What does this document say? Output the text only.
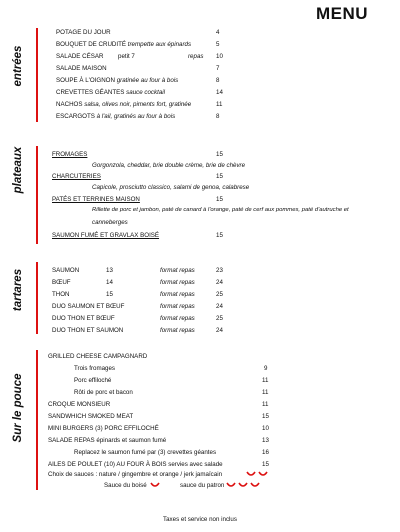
MENU
entrées
POTAGE DU JOUR	4
BOUQUET DE CRUDITÉ trempette aux épinards	5
SALADE CÉSAR petit 7	repas 10
SALADE MAISON	7
SOUPE À L'OIGNON gratinée au four à bois	8
CREVETTES GÉANTES sauce cocktail	14
NACHOS salsa, olives noir, piments fort, gratinée	11
ESCARGOTS à l'ail, gratinés au four à bois	8
plateaux	FROMAGES	15
Gorgonzola, cheddar, brie double crème, brie de chèvre
CHARCUTERIES	15
Capicole, prosciutto classico, salami de genoa, calabrese
PATÉS ET TERRINES MAISON	15
Rillette de porc et jambon, paté de canard à l'orange, paté de cerf aux pommes, paté d'autruche et
canneberges
SAUMON FUMÉ ET GRAVLAX BOISÉ	15
tartares	SAUMON	13	format repas	23
BŒUF	14	format repas	24
THON	15	format repas	25
DUO SAUMON ET BŒUF	format repas	24
DUO THON ET BŒUF	format repas	25
DUO THON ET SAUMON	format repas	24
Sur le pouce
GRILLED CHEESE CAMPAGNARD
Trois fromages	9
Porc effiloché	11
Rôti de porc et bacon	11
CROQUE MONSIEUR	11
SANDWHICH SMOKED MEAT	15
MINI BURGERS (3) PORC EFFILOCHÉ	10
SALADE REPAS épinards et saumon fumé	13
Replacez le saumon fumé par (3) crevettes géantes	16
AILES DE POULET (10) AU FOUR À BOIS servies avec salade	15
Choix de sauces : nature / gingembre et orange / jerk jamaïcain
Sauce du boisé	sauce du patron
Taxes et service non inclus
